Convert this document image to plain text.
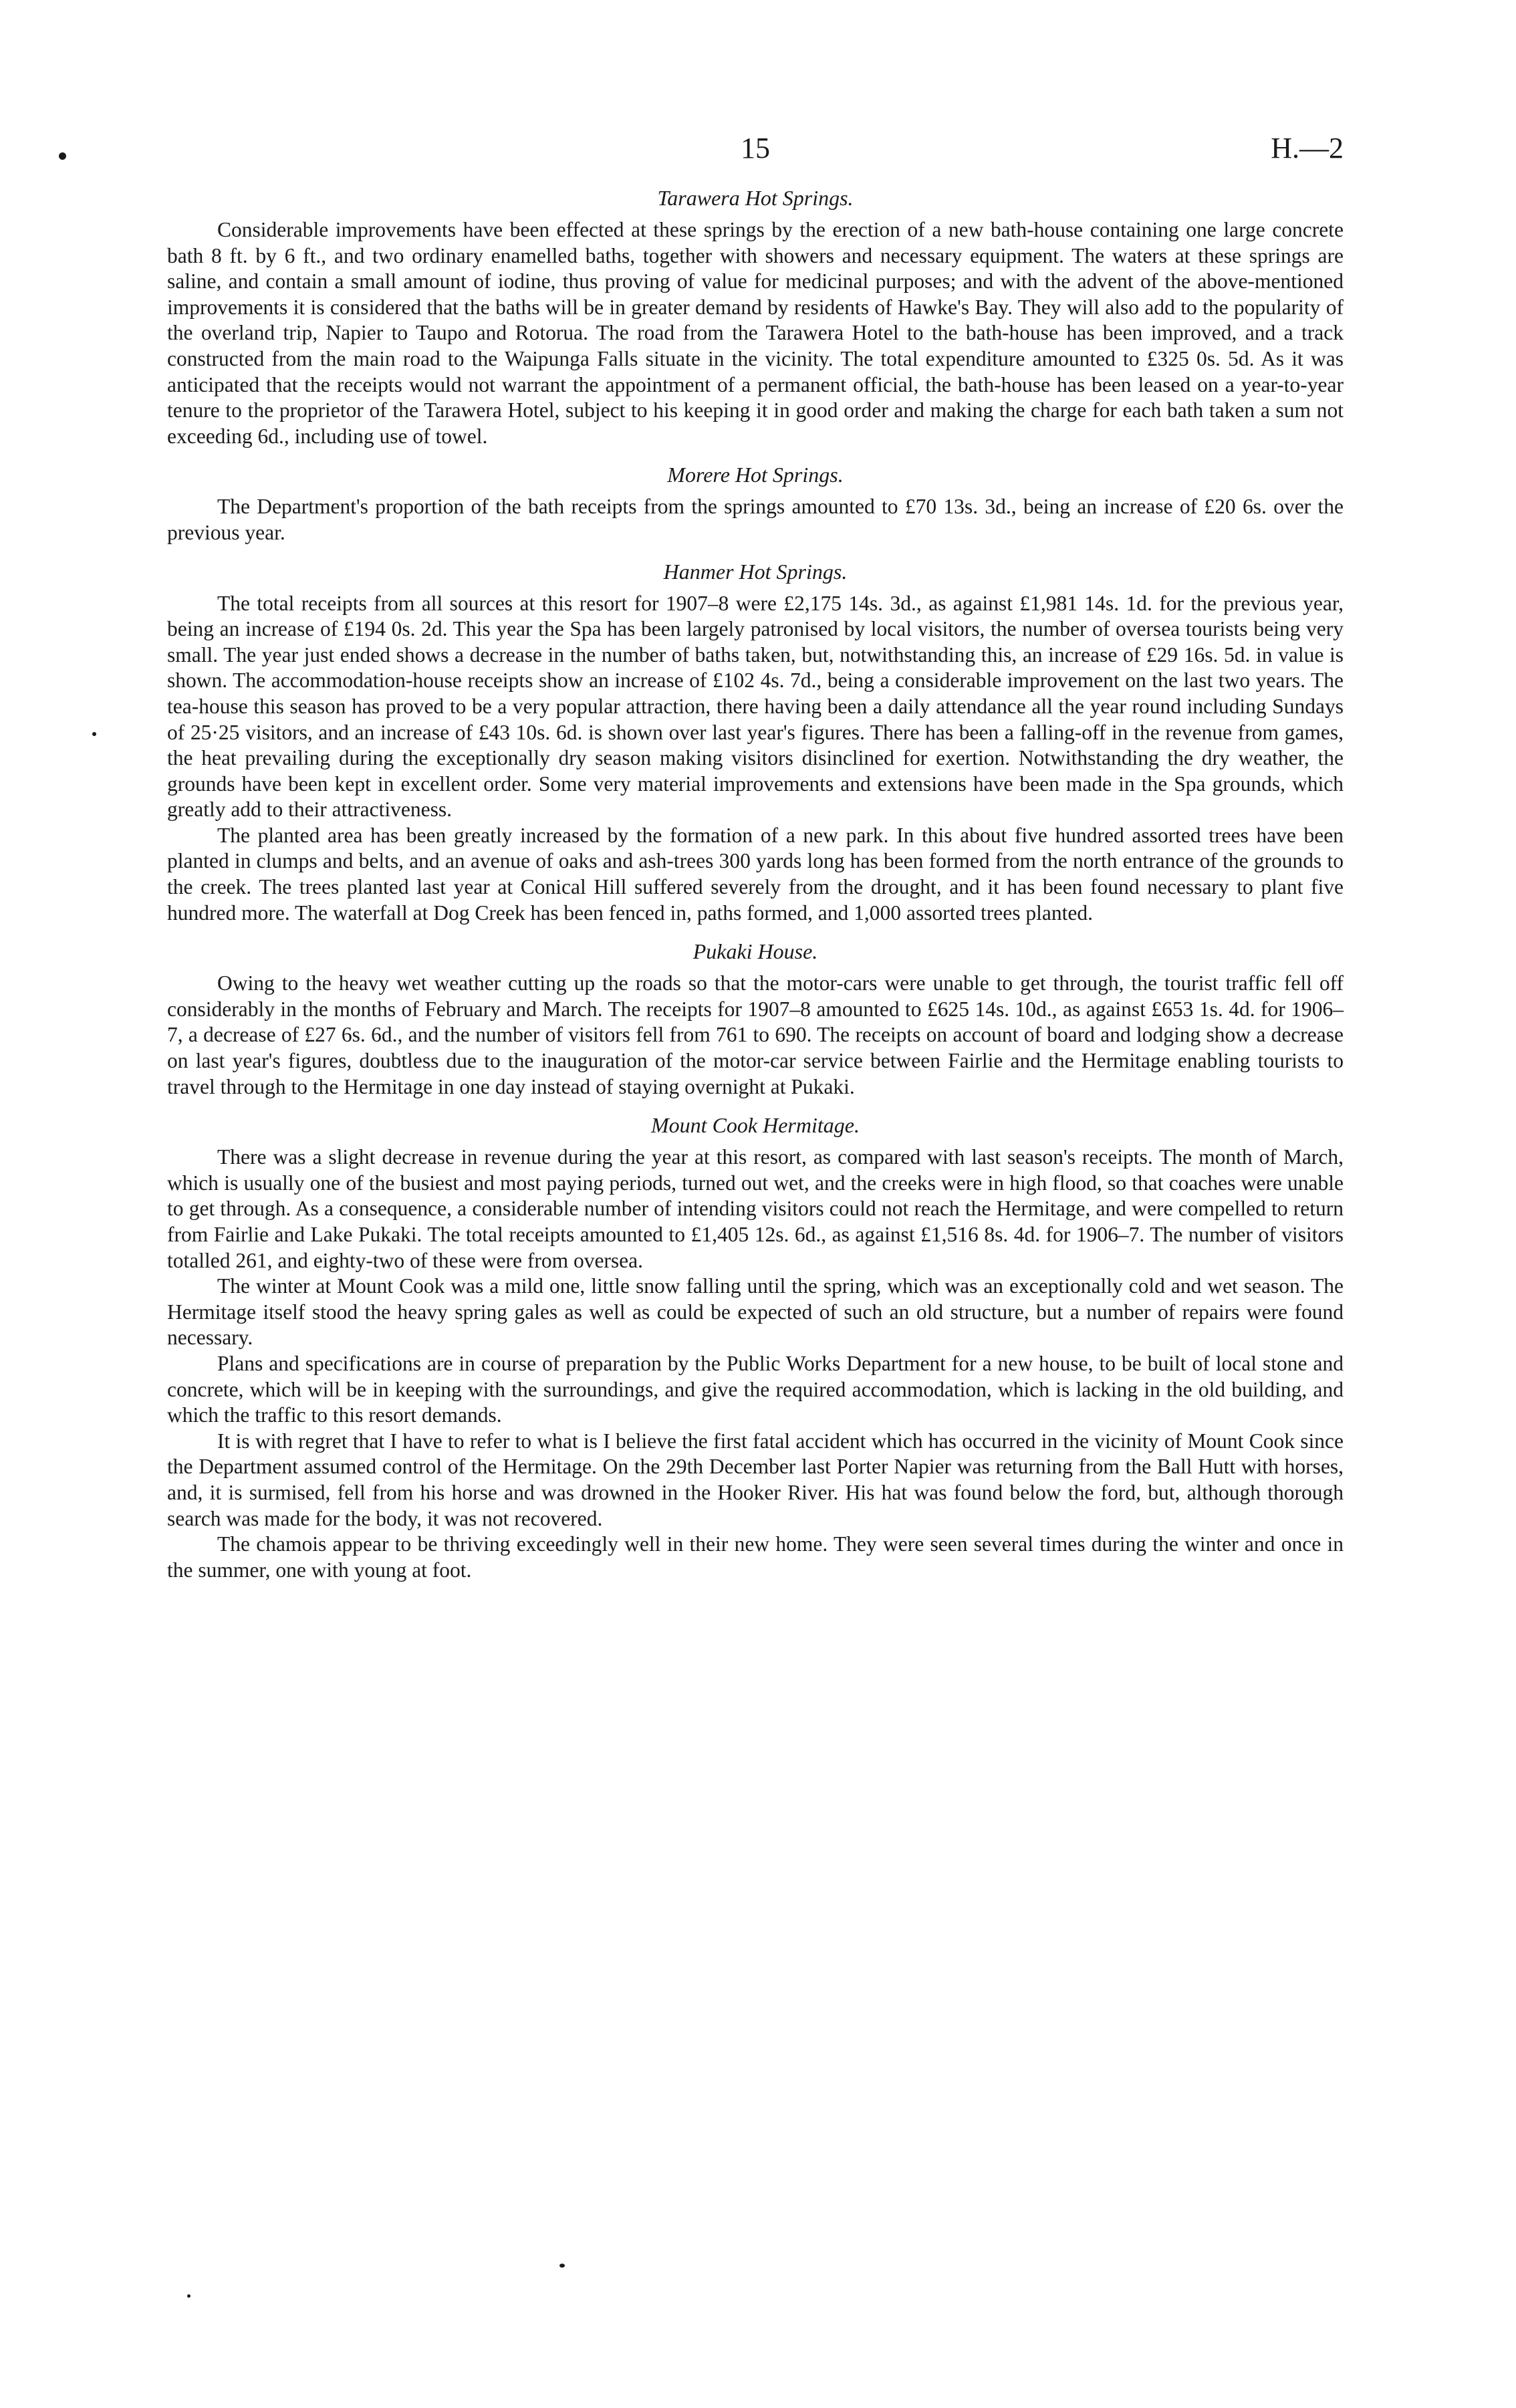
15	H.—2
Tarawera Hot Springs.

Considerable improvements have been effected at these springs by the erection of a new bath-house containing one large concrete bath 8 ft. by 6 ft., and two ordinary enamelled baths, together with showers and necessary equipment. The waters at these springs are saline, and contain a small amount of iodine, thus proving of value for medicinal purposes; and with the advent of the above-mentioned improvements it is considered that the baths will be in greater demand by residents of Hawke's Bay. They will also add to the popularity of the overland trip, Napier to Taupo and Rotorua. The road from the Tarawera Hotel to the bath-house has been improved, and a track constructed from the main road to the Waipunga Falls situate in the vicinity. The total expenditure amounted to £325 0s. 5d. As it was anticipated that the receipts would not warrant the appointment of a permanent official, the bath-house has been leased on a year-to-year tenure to the proprietor of the Tarawera Hotel, subject to his keeping it in good order and making the charge for each bath taken a sum not exceeding 6d., including use of towel.

Morere Hot Springs.

The Department's proportion of the bath receipts from the springs amounted to £70 13s. 3d., being an increase of £20 6s. over the previous year.

Hanmer Hot Springs.

The total receipts from all sources at this resort for 1907–8 were £2,175 14s. 3d., as against £1,981 14s. 1d. for the previous year, being an increase of £194 0s. 2d. This year the Spa has been largely patronised by local visitors, the number of oversea tourists being very small. The year just ended shows a decrease in the number of baths taken, but, notwithstanding this, an increase of £29 16s. 5d. in value is shown. The accommodation-house receipts show an increase of £102 4s. 7d., being a considerable improvement on the last two years. The tea-house this season has proved to be a very popular attraction, there having been a daily attendance all the year round including Sundays of 25·25 visitors, and an increase of £43 10s. 6d. is shown over last year's figures. There has been a falling-off in the revenue from games, the heat prevailing during the exceptionally dry season making visitors disinclined for exertion. Notwithstanding the dry weather, the grounds have been kept in excellent order. Some very material improvements and extensions have been made in the Spa grounds, which greatly add to their attractiveness.

The planted area has been greatly increased by the formation of a new park. In this about five hundred assorted trees have been planted in clumps and belts, and an avenue of oaks and ash-trees 300 yards long has been formed from the north entrance of the grounds to the creek. The trees planted last year at Conical Hill suffered severely from the drought, and it has been found necessary to plant five hundred more. The waterfall at Dog Creek has been fenced in, paths formed, and 1,000 assorted trees planted.

Pukaki House.

Owing to the heavy wet weather cutting up the roads so that the motor-cars were unable to get through, the tourist traffic fell off considerably in the months of February and March. The receipts for 1907–8 amounted to £625 14s. 10d., as against £653 1s. 4d. for 1906–7, a decrease of £27 6s. 6d., and the number of visitors fell from 761 to 690. The receipts on account of board and lodging show a decrease on last year's figures, doubtless due to the inauguration of the motor-car service between Fairlie and the Hermitage enabling tourists to travel through to the Hermitage in one day instead of staying overnight at Pukaki.

Mount Cook Hermitage.

There was a slight decrease in revenue during the year at this resort, as compared with last season's receipts. The month of March, which is usually one of the busiest and most paying periods, turned out wet, and the creeks were in high flood, so that coaches were unable to get through. As a consequence, a considerable number of intending visitors could not reach the Hermitage, and were compelled to return from Fairlie and Lake Pukaki. The total receipts amounted to £1,405 12s. 6d., as against £1,516 8s. 4d. for 1906–7. The number of visitors totalled 261, and eighty-two of these were from oversea.

The winter at Mount Cook was a mild one, little snow falling until the spring, which was an exceptionally cold and wet season. The Hermitage itself stood the heavy spring gales as well as could be expected of such an old structure, but a number of repairs were found necessary.

Plans and specifications are in course of preparation by the Public Works Department for a new house, to be built of local stone and concrete, which will be in keeping with the surroundings, and give the required accommodation, which is lacking in the old building, and which the traffic to this resort demands.

It is with regret that I have to refer to what is I believe the first fatal accident which has occurred in the vicinity of Mount Cook since the Department assumed control of the Hermitage. On the 29th December last Porter Napier was returning from the Ball Hutt with horses, and, it is surmised, fell from his horse and was drowned in the Hooker River. His hat was found below the ford, but, although thorough search was made for the body, it was not recovered.

The chamois appear to be thriving exceedingly well in their new home. They were seen several times during the winter and once in the summer, one with young at foot.
